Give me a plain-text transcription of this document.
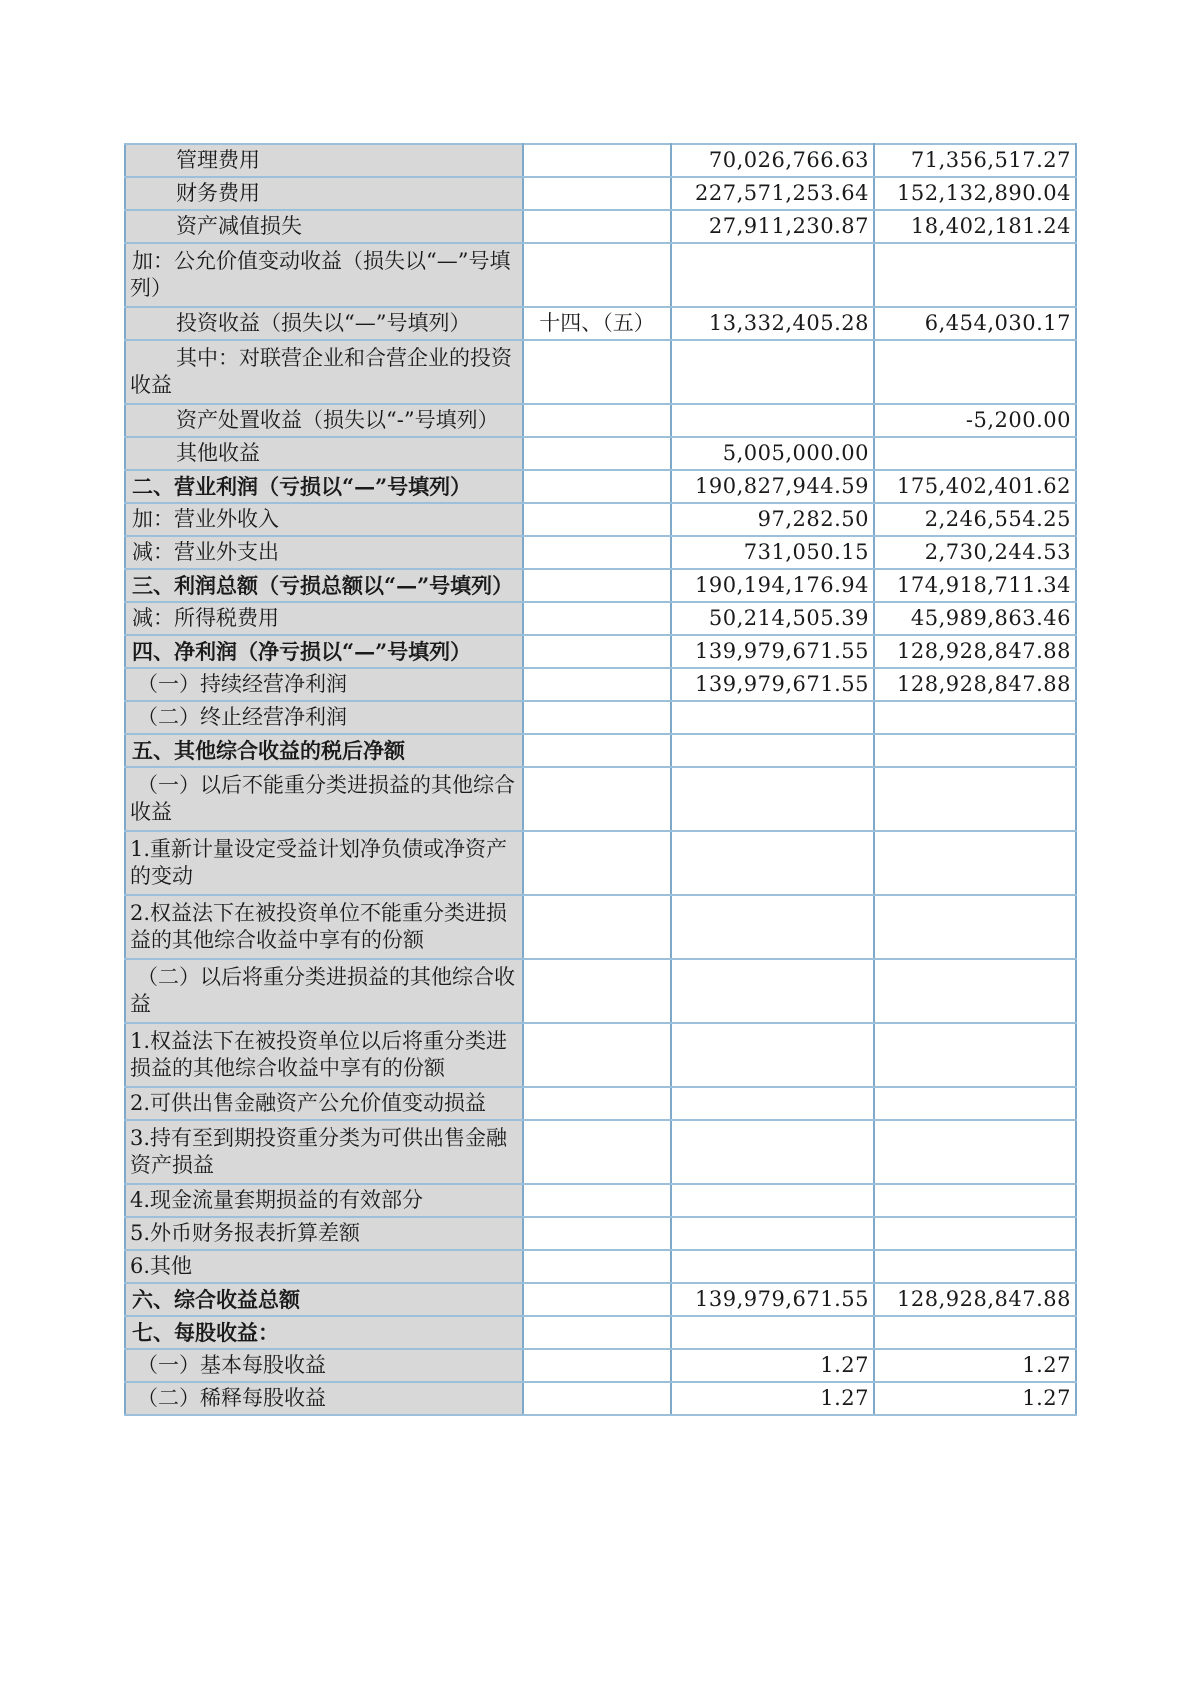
管理费用		70,026,766.63	71,356,517.27
财务费用		227,571,253.64	152,132,890.04
资产减值损失		27,911,230.87	18,402,181.24
加：公允价值变动收益（损失以“—”号填列）			
投资收益（损失以“—”号填列）	十四、（五）	13,332,405.28	6,454,030.17
其中：对联营企业和合营企业的投资收益			
资产处置收益（损失以“-”号填列）			-5,200.00
其他收益		5,005,000.00	
二、营业利润（亏损以“—”号填列）		190,827,944.59	175,402,401.62
加：营业外收入		97,282.50	2,246,554.25
减：营业外支出		731,050.15	2,730,244.53
三、利润总额（亏损总额以“—”号填列）		190,194,176.94	174,918,711.34
减：所得税费用		50,214,505.39	45,989,863.46
四、净利润（净亏损以“—”号填列）		139,979,671.55	128,928,847.88
（一）持续经营净利润		139,979,671.55	128,928,847.88
（二）终止经营净利润			
五、其他综合收益的税后净额			
（一）以后不能重分类进损益的其他综合收益			
1.重新计量设定受益计划净负债或净资产的变动			
2.权益法下在被投资单位不能重分类进损益的其他综合收益中享有的份额			
（二）以后将重分类进损益的其他综合收益			
1.权益法下在被投资单位以后将重分类进损益的其他综合收益中享有的份额			
2.可供出售金融资产公允价值变动损益			
3.持有至到期投资重分类为可供出售金融资产损益			
4.现金流量套期损益的有效部分			
5.外币财务报表折算差额			
6.其他			
六、综合收益总额		139,979,671.55	128,928,847.88
七、每股收益：			
（一）基本每股收益		1.27	1.27
（二）稀释每股收益		1.27	1.27
